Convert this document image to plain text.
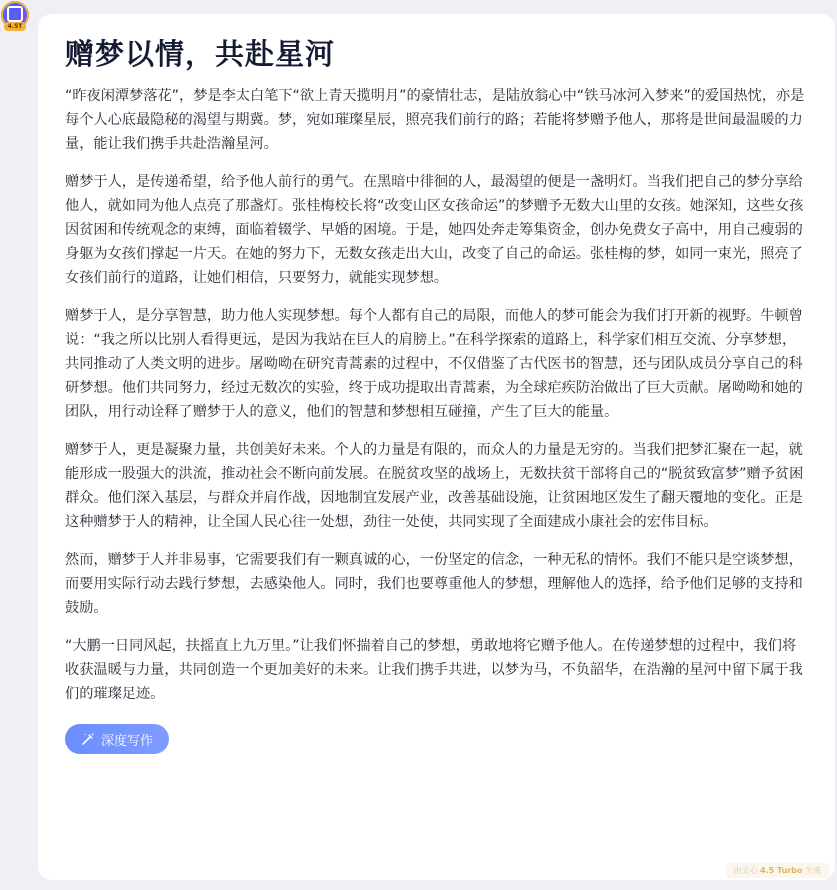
4.5T
赠梦以情，共赴星河

“昨夜闲潭梦落花”，梦是李太白笔下“欲上青天揽明月”的豪情壮志，是陆放翁心中“铁马冰河入梦来”的爱国热忱，亦是每个人心底最隐秘的渴望与期冀。梦，宛如璀璨星辰，照亮我们前行的路；若能将梦赠予他人，那将是世间最温暖的力量，能让我们携手共赴浩瀚星河。

赠梦于人，是传递希望，给予他人前行的勇气。在黑暗中徘徊的人，最渴望的便是一盏明灯。当我们把自己的梦分享给他人，就如同为他人点亮了那盏灯。张桂梅校长将“改变山区女孩命运”的梦赠予无数大山里的女孩。她深知，这些女孩因贫困和传统观念的束缚，面临着辍学、早婚的困境。于是，她四处奔走筹集资金，创办免费女子高中，用自己瘦弱的身躯为女孩们撑起一片天。在她的努力下，无数女孩走出大山，改变了自己的命运。张桂梅的梦，如同一束光，照亮了女孩们前行的道路，让她们相信，只要努力，就能实现梦想。

赠梦于人，是分享智慧，助力他人实现梦想。每个人都有自己的局限，而他人的梦可能会为我们打开新的视野。牛顿曾说：“我之所以比别人看得更远，是因为我站在巨人的肩膀上。”在科学探索的道路上，科学家们相互交流、分享梦想，共同推动了人类文明的进步。屠呦呦在研究青蒿素的过程中，不仅借鉴了古代医书的智慧，还与团队成员分享自己的科研梦想。他们共同努力，经过无数次的实验，终于成功提取出青蒿素，为全球疟疾防治做出了巨大贡献。屠呦呦和她的团队，用行动诠释了赠梦于人的意义，他们的智慧和梦想相互碰撞，产生了巨大的能量。

赠梦于人，更是凝聚力量，共创美好未来。个人的力量是有限的，而众人的力量是无穷的。当我们把梦汇聚在一起，就能形成一股强大的洪流，推动社会不断向前发展。在脱贫攻坚的战场上，无数扶贫干部将自己的“脱贫致富梦”赠予贫困群众。他们深入基层，与群众并肩作战，因地制宜发展产业，改善基础设施，让贫困地区发生了翻天覆地的变化。正是这种赠梦于人的精神，让全国人民心往一处想，劲往一处使，共同实现了全面建成小康社会的宏伟目标。

然而，赠梦于人并非易事，它需要我们有一颗真诚的心，一份坚定的信念，一种无私的情怀。我们不能只是空谈梦想，而要用实际行动去践行梦想，去感染他人。同时，我们也要尊重他人的梦想，理解他人的选择，给予他们足够的支持和鼓励。

“大鹏一日同风起，扶摇直上九万里。”让我们怀揣着自己的梦想，勇敢地将它赠予他人。在传递梦想的过程中，我们将收获温暖与力量，共同创造一个更加美好的未来。让我们携手共进，以梦为马，不负韶华，在浩瀚的星河中留下属于我们的璀璨足迹。

深度写作
由文心 4.5 Turbo 生成
